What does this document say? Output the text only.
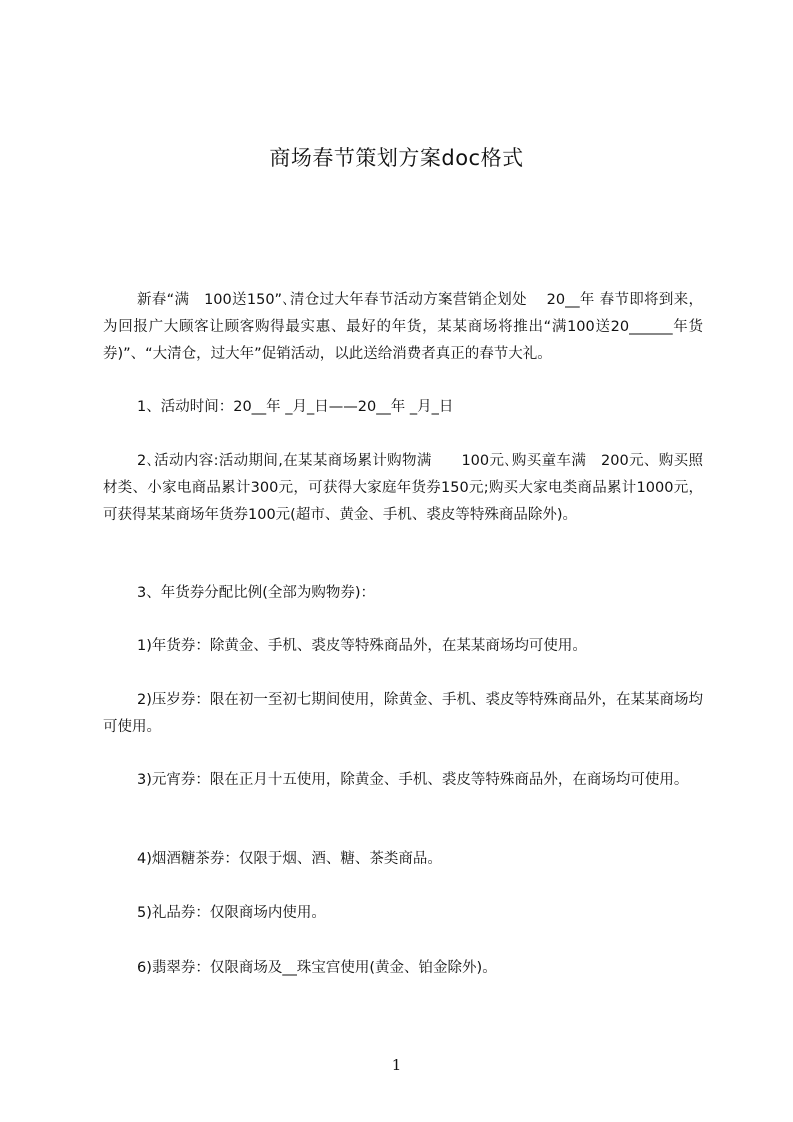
商场春节策划方案doc格式

新春“满　100送150”､清仓过大年春节活动方案营销企划处　 20__年 春节即将到来，为回报广大顾客让顾客购得最实惠、最好的年货，某某商场将推出“满100送20______年货券)”、“大清仓，过大年”促销活动，以此送给消费者真正的春节大礼。

1、活动时间：20__年 _月_日——20__年 _月_日

2､活动内容:活动期间,在某某商场累计购物满　　100元､购买童车满　200元、购买照材类、小家电商品累计300元，可获得大家庭年货券150元;购买大家电类商品累计1000元，可获得某某商场年货券100元(超市、黄金、手机、裘皮等特殊商品除外)。

3、年货券分配比例(全部为购物券)：

1)年货券：除黄金、手机、裘皮等特殊商品外，在某某商场均可使用。

2)压岁券：限在初一至初七期间使用，除黄金、手机、裘皮等特殊商品外，在某某商场均可使用。

3)元宵券：限在正月十五使用，除黄金、手机、裘皮等特殊商品外，在商场均可使用。

4)烟酒糖茶券：仅限于烟、酒、糖、茶类商品。

5)礼品券：仅限商场内使用。

6)翡翠券：仅限商场及__珠宝宫使用(黄金、铂金除外)。

1
